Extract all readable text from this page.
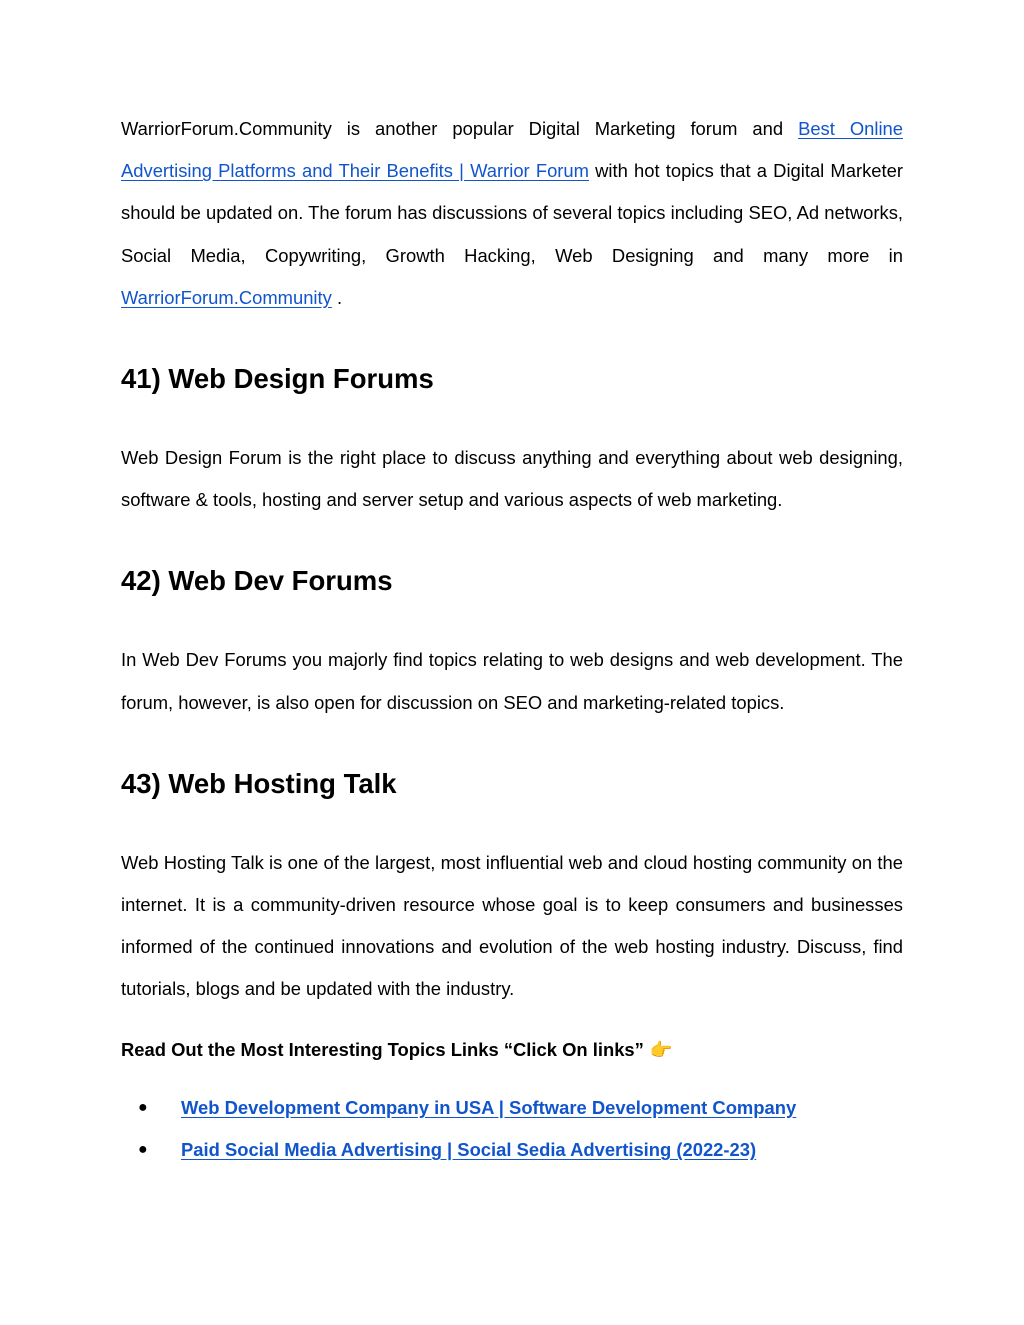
WarriorForum.Community is another popular Digital Marketing forum and Best Online Advertising Platforms and Their Benefits | Warrior Forum with hot topics that a Digital Marketer should be updated on. The forum has discussions of several topics including SEO, Ad networks, Social Media, Copywriting, Growth Hacking, Web Designing and many more in WarriorForum.Community .

41) Web Design Forums

Web Design Forum is the right place to discuss anything and everything about web designing, software & tools, hosting and server setup and various aspects of web marketing.

42) Web Dev Forums

In Web Dev Forums you majorly find topics relating to web designs and web development. The forum, however, is also open for discussion on SEO and marketing-related topics.

43) Web Hosting Talk

Web Hosting Talk is one of the largest, most influential web and cloud hosting community on the internet. It is a community-driven resource whose goal is to keep consumers and businesses informed of the continued innovations and evolution of the web hosting industry. Discuss, find tutorials, blogs and be updated with the industry.

Read Out the Most Interesting Topics Links “Click On links” 👉

● Web Development Company in USA | Software Development Company
● Paid Social Media Advertising | Social Sedia Advertising (2022-23)
